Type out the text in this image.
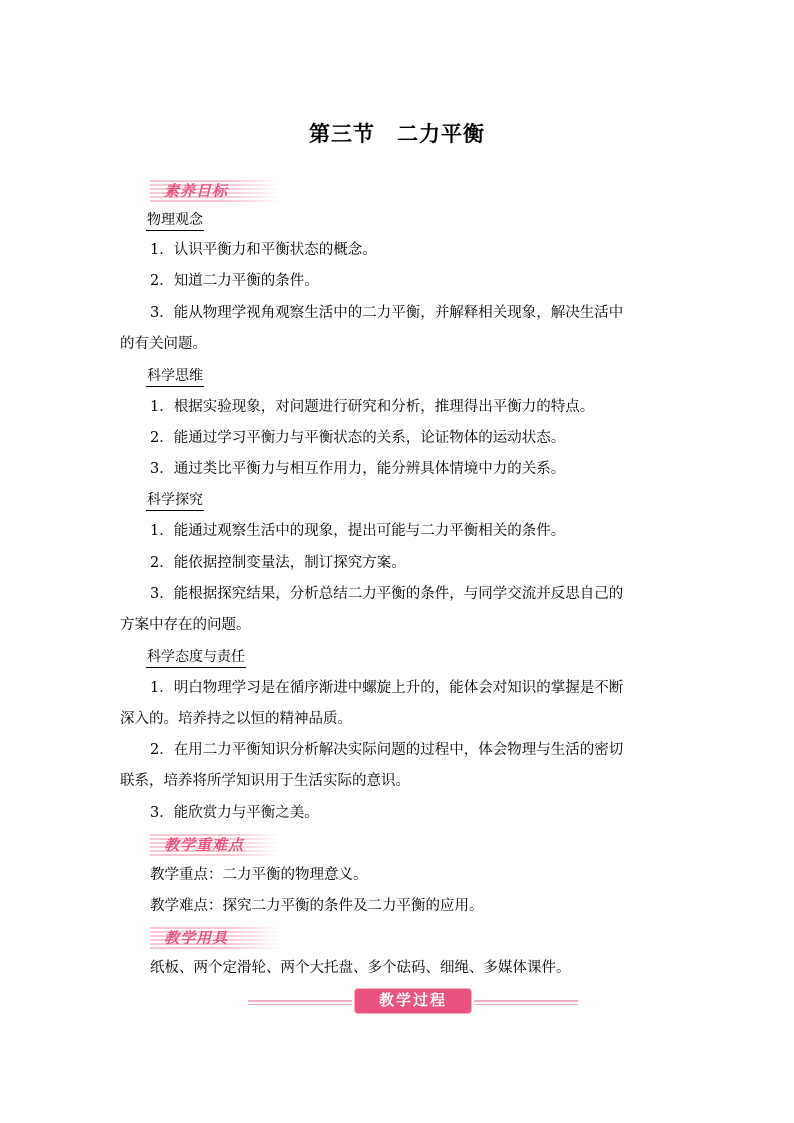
第三节　二力平衡
素养目标
物理观念
1．认识平衡力和平衡状态的概念。
2．知道二力平衡的条件。
3．能从物理学视角观察生活中的二力平衡，并解释相关现象，解决生活中
的有关问题。
科学思维
1．根据实验现象，对问题进行研究和分析，推理得出平衡力的特点。
2．能通过学习平衡力与平衡状态的关系，论证物体的运动状态。
3．通过类比平衡力与相互作用力，能分辨具体情境中力的关系。
科学探究
1．能通过观察生活中的现象，提出可能与二力平衡相关的条件。
2．能依据控制变量法，制订探究方案。
3．能根据探究结果，分析总结二力平衡的条件，与同学交流并反思自己的
方案中存在的问题。
科学态度与责任
1．明白物理学习是在循序渐进中螺旋上升的，能体会对知识的掌握是不断
深入的。培养持之以恒的精神品质。
2．在用二力平衡知识分析解决实际问题的过程中，体会物理与生活的密切
联系，培养将所学知识用于生活实际的意识。
3．能欣赏力与平衡之美。
教学重难点
教学重点：二力平衡的物理意义。
教学难点：探究二力平衡的条件及二力平衡的应用。
教学用具
纸板、两个定滑轮、两个大托盘、多个砝码、细绳、多媒体课件。
教学过程
